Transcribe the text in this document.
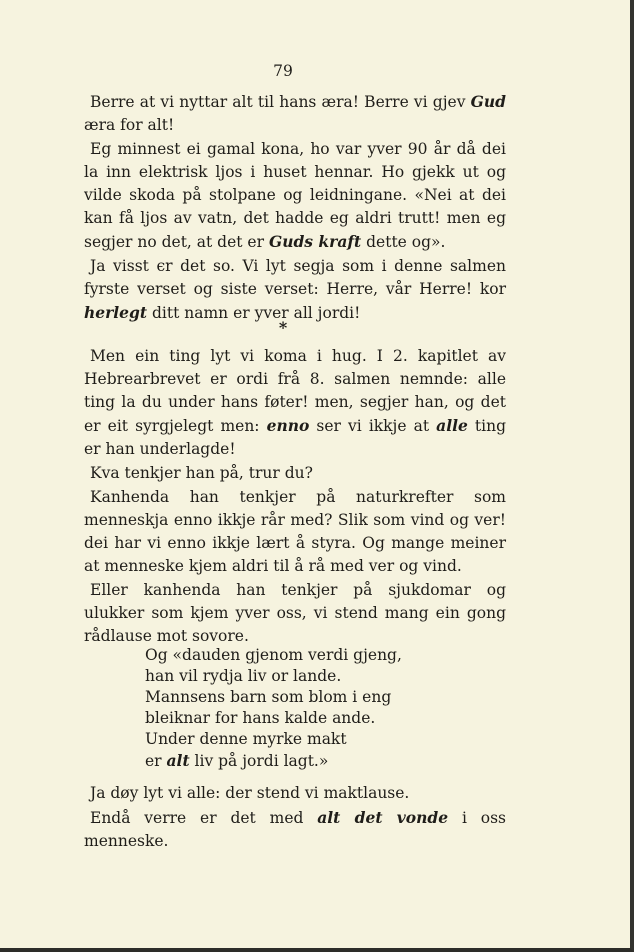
79

Berre at vi nyttar alt til hans æra! Berre vi gjev Gud æra for alt!

Eg minnest ei gamal kona, ho var yver 90 år då dei la inn elektrisk ljos i huset hennar. Ho gjekk ut og vilde skoda på stolpane og leidningane. «Nei at dei kan få ljos av vatn, det hadde eg aldri trutt! men eg segjer no det, at det er Guds kraft dette og».

Ja visst ϵr det so. Vi lyt segja som i denne salmen fyrste verset og siste verset: Herre, vår Herre! kor herlegt ditt namn er yver all jordi!

*

Men ein ting lyt vi koma i hug. I 2. kapitlet av Hebrearbrevet er ordi frå 8. salmen nemnde: alle ting la du under hans føter! men, segjer han, og det er eit syrgjelegt men: enno ser vi ikkje at alle ting er han underlagde!

Kva tenkjer han på, trur du?

Kanhenda han tenkjer på naturkrefter som menneskja enno ikkje rår med? Slik som vind og ver! dei har vi enno ikkje lært å styra. Og mange meiner at menneske kjem aldri til å rå med ver og vind.

Eller kanhenda han tenkjer på sjukdomar og ulukker som kjem yver oss, vi stend mang ein gong rådlause mot sovore.

Og «dauden gjenom verdi gjeng,
han vil rydja liv or lande.
Mannsens barn som blom i eng
bleiknar for hans kalde ande.
Under denne myrke makt
er alt liv på jordi lagt.»

Ja døy lyt vi alle: der stend vi maktlause.

Endå verre er det med alt det vonde i oss menneske.
